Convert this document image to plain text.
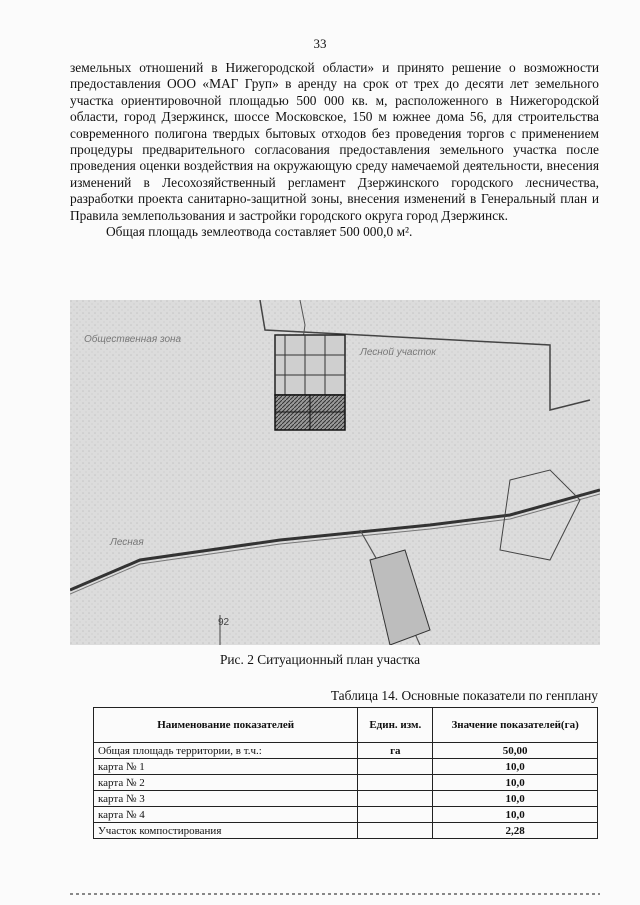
33

земельных отношений в Нижегородской области» и принято решение о возможности предоставления ООО «МАГ Груп» в аренду на срок от трех до десяти лет земельного участка ориентировочной площадью 500 000 кв. м, расположенного в Нижегородской области, город Дзержинск, шоссе Московское, 150 м южнее дома 56, для строительства современного полигона твердых бытовых отходов без проведения торгов с применением процедуры предварительного согласования предоставления земельного участка после проведения оценки воздействия на окружающую среду намечаемой деятельности, внесения изменений в Лесохозяйственный регламент Дзержинского городского лесничества, разработки проекта санитарно-защитной зоны, внесения изменений в Генеральный план и Правила землепользования и застройки городского округа город Дзержинск.

Общая площадь землеотвода составляет 500 000,0 м².

Общественная зона
Лесной участок
Лесная
92
Рис. 2 Ситуационный план участка
Таблица 14. Основные показатели по генплану
Наименование показателей	Един. изм.	Значение показателей(га)
Общая площадь территории, в т.ч.:	га	50,00
карта № 1		10,0
карта № 2		10,0
карта № 3		10,0
карта № 4		10,0
Участок компостирования		2,28
